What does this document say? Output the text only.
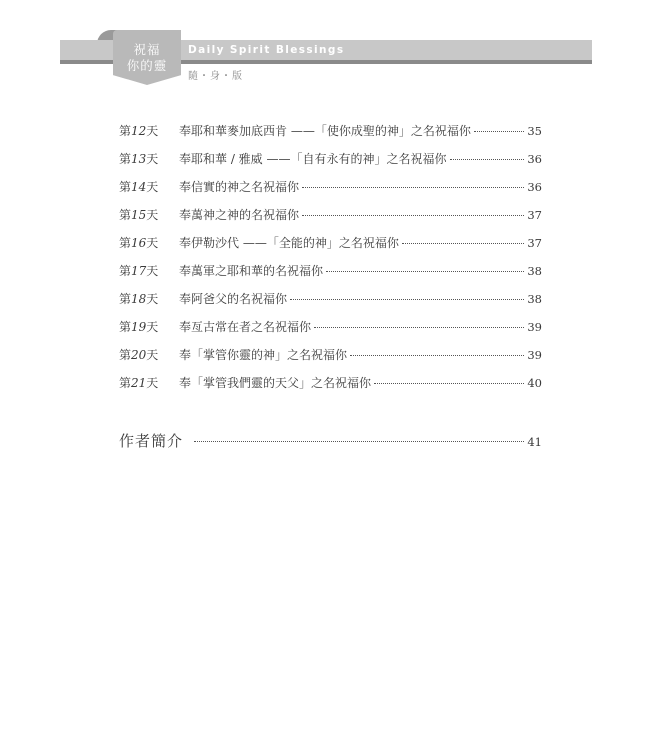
祝福
你的靈
Daily Spirit Blessings
隨・身・版
第12天	奉耶和華麥加底西肯 ——「使你成聖的神」之名祝福你	35
第13天	奉耶和華 / 雅威 ——「自有永有的神」之名祝福你	36
第14天	奉信實的神之名祝福你	36
第15天	奉萬神之神的名祝福你	37
第16天	奉伊勒沙代 ——「全能的神」之名祝福你	37
第17天	奉萬軍之耶和華的名祝福你	38
第18天	奉阿爸父的名祝福你	38
第19天	奉亙古常在者之名祝福你	39
第20天	奉「掌管你靈的神」之名祝福你	39
第21天	奉「掌管我們靈的天父」之名祝福你	40
作者簡介	41
